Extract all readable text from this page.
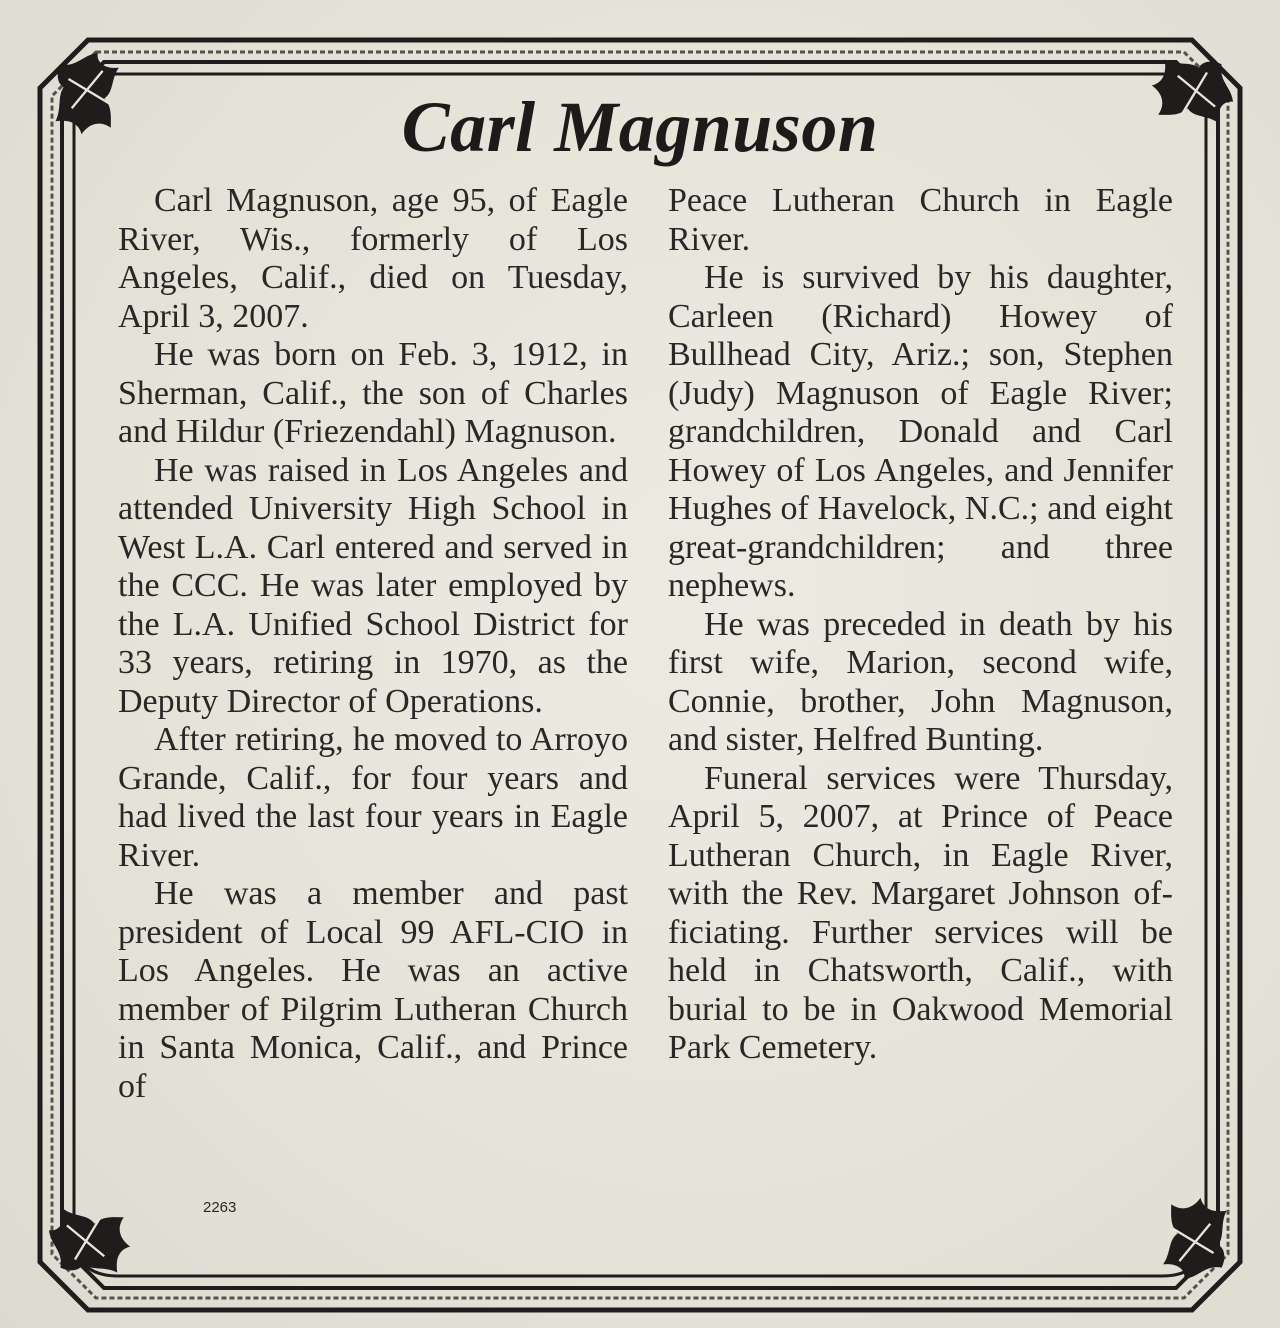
Carl Magnuson

Carl Magnuson, age 95, of Eagle River, Wis., formerly of Los Angeles, Calif., died on Tuesday, April 3, 2007.

He was born on Feb. 3, 1912, in Sherman, Calif., the son of Charles and Hildur (Friezendahl) Magnuson.

He was raised in Los Angeles and attended University High School in West L.A. Carl entered and served in the CCC. He was later employed by the L.A. Unified School District for 33 years, retiring in 1970, as the Deputy Director of Operations.

After retiring, he moved to Arroyo Grande, Calif., for four years and had lived the last four years in Eagle River.

He was a member and past president of Local 99 AFL-CIO in Los Angeles. He was an active member of Pilgrim Lutheran Church in Santa Monica, Calif., and Prince of

Peace Lutheran Church in Eagle River.

He is survived by his daughter, Carleen (Richard) Howey of Bullhead City, Ariz.; son, Stephen (Judy) Magnuson of Eagle River; grandchildren, Donald and Carl Howey of Los Angeles, and Jennifer Hughes of Havelock, N.C.; and eight great-grandchildren; and three nephews.

He was preceded in death by his first wife, Marion, second wife, Connie, brother, John Magnuson, and sister, Helfred Bunting.

Funeral services were Thursday, April 5, 2007, at Prince of Peace Lutheran Church, in Eagle River, with the Rev. Margaret Johnson officiating. Further services will be held in Chatsworth, Calif., with burial to be in Oakwood Memorial Park Cemetery.

2263
